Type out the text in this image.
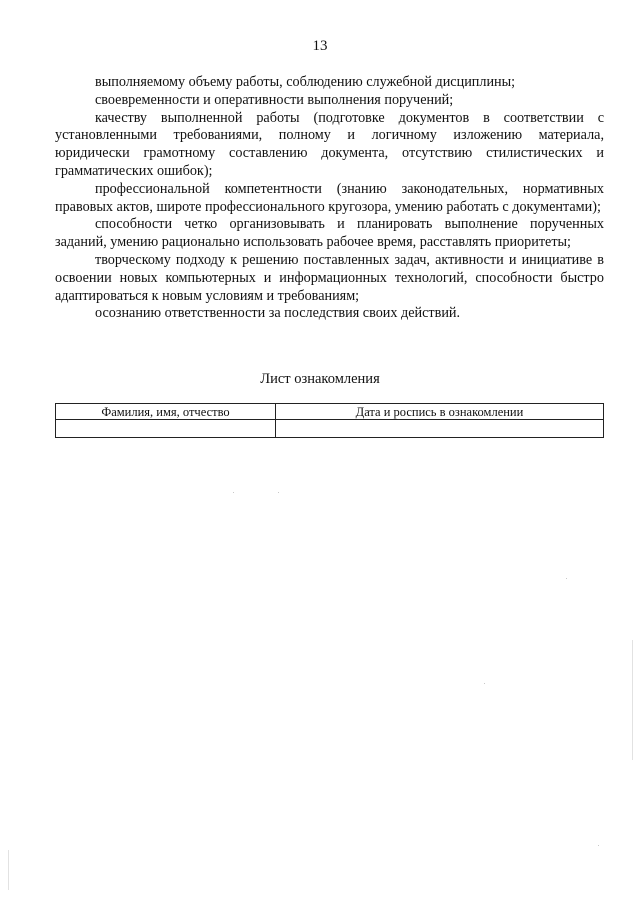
13

выполняемому объему работы, соблюдению служебной дисциплины;

своевременности и оперативности выполнения поручений;

качеству выполненной работы (подготовке документов в соответствии с установленными требованиями, полному и логичному изложению материала, юридически грамотному составлению документа, отсутствию стилистических и грамматических ошибок);

профессиональной компетентности (знанию законодательных, нормативных правовых актов, широте профессионального кругозора, умению работать с документами);

способности четко организовывать и планировать выполнение порученных заданий, умению рационально использовать рабочее время, расставлять приоритеты;

творческому подходу к решению поставленных задач, активности и инициативе в освоении новых компьютерных и информационных технологий, способности быстро адаптироваться к новым условиям и требованиям;

осознанию ответственности за последствия своих действий.

Лист ознакомления
Фамилия, имя, отчество	Дата и роспись в ознакомлении
